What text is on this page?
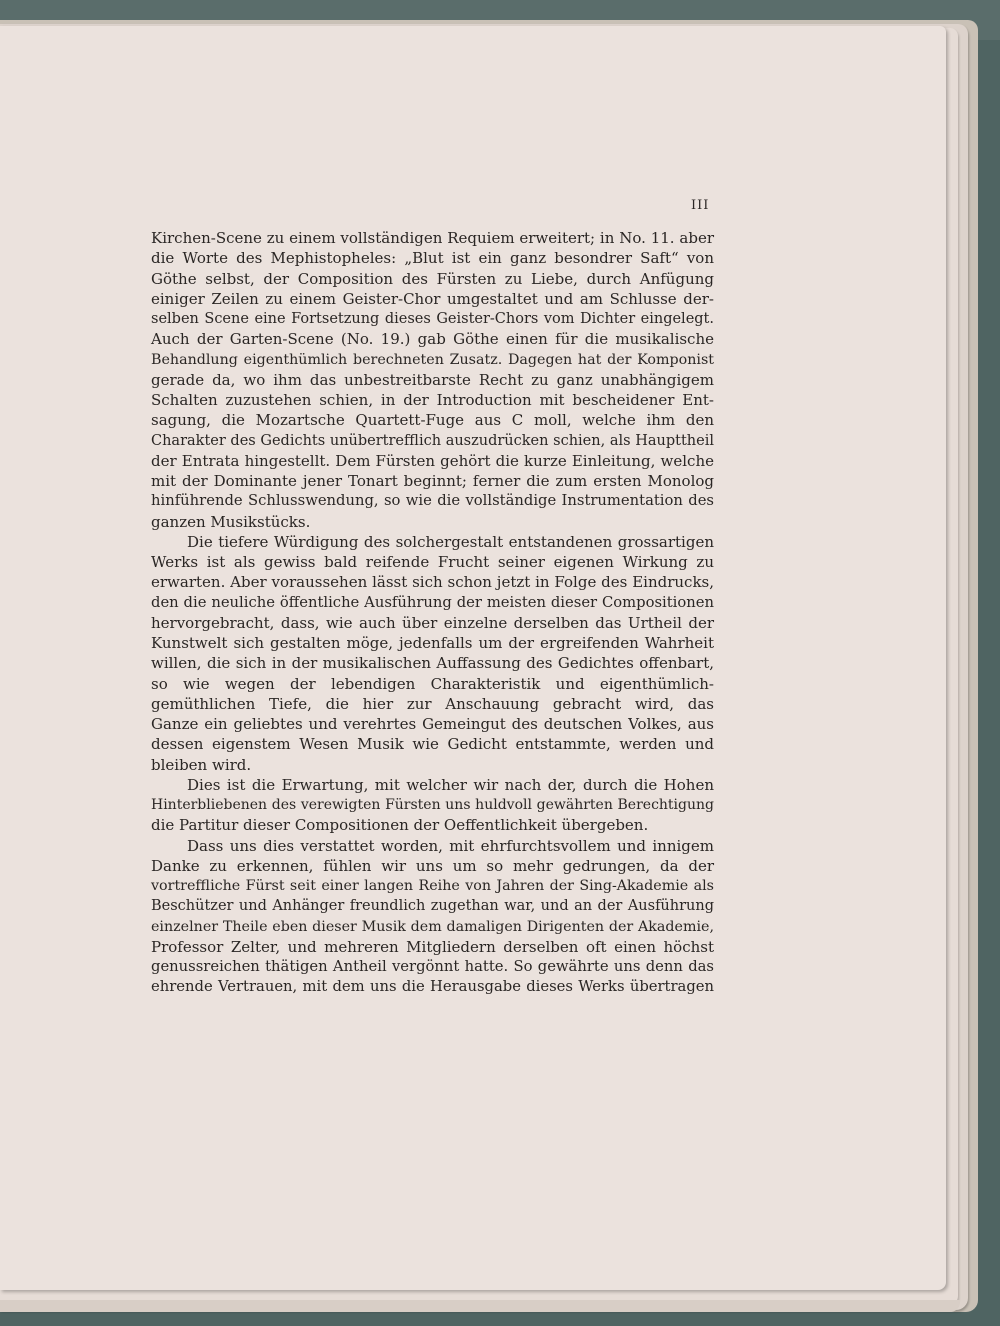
III
Kirchen-Scene zu einem vollständigen Requiem erweitert; in No. 11. aber
die Worte des Mephistopheles: „Blut ist ein ganz besondrer Saft“ von
Göthe selbst, der Composition des Fürsten zu Liebe, durch Anfügung
einiger Zeilen zu einem Geister-Chor umgestaltet und am Schlusse der-
selben Scene eine Fortsetzung dieses Geister-Chors vom Dichter eingelegt.
Auch der Garten-Scene (No. 19.) gab Göthe einen für die musikalische
Behandlung eigenthümlich berechneten Zusatz. Dagegen hat der Komponist
gerade da, wo ihm das unbestreitbarste Recht zu ganz unabhängigem
Schalten zuzustehen schien, in der Introduction mit bescheidener Ent-
sagung, die Mozartsche Quartett-Fuge aus C moll, welche ihm den
Charakter des Gedichts unübertrefflich auszudrücken schien, als Haupttheil
der Entrata hingestellt. Dem Fürsten gehört die kurze Einleitung, welche
mit der Dominante jener Tonart beginnt; ferner die zum ersten Monolog
hinführende Schlusswendung, so wie die vollständige Instrumentation des
ganzen Musikstücks.
Die tiefere Würdigung des solchergestalt entstandenen grossartigen
Werks ist als gewiss bald reifende Frucht seiner eigenen Wirkung zu
erwarten. Aber voraussehen lässt sich schon jetzt in Folge des Eindrucks,
den die neuliche öffentliche Ausführung der meisten dieser Compositionen
hervorgebracht, dass, wie auch über einzelne derselben das Urtheil der
Kunstwelt sich gestalten möge, jedenfalls um der ergreifenden Wahrheit
willen, die sich in der musikalischen Auffassung des Gedichtes offenbart,
so wie wegen der lebendigen Charakteristik und eigenthümlich-
gemüthlichen Tiefe, die hier zur Anschauung gebracht wird, das
Ganze ein geliebtes und verehrtes Gemeingut des deutschen Volkes, aus
dessen eigenstem Wesen Musik wie Gedicht entstammte, werden und
bleiben wird.
Dies ist die Erwartung, mit welcher wir nach der, durch die Hohen
Hinterbliebenen des verewigten Fürsten uns huldvoll gewährten Berechtigung
die Partitur dieser Compositionen der Oeffentlichkeit übergeben.
Dass uns dies verstattet worden, mit ehrfurchtsvollem und innigem
Danke zu erkennen, fühlen wir uns um so mehr gedrungen, da der
vortreffliche Fürst seit einer langen Reihe von Jahren der Sing-Akademie als
Beschützer und Anhänger freundlich zugethan war, und an der Ausführung
einzelner Theile eben dieser Musik dem damaligen Dirigenten der Akademie,
Professor Zelter, und mehreren Mitgliedern derselben oft einen höchst
genussreichen thätigen Antheil vergönnt hatte. So gewährte uns denn das
ehrende Vertrauen, mit dem uns die Herausgabe dieses Werks übertragen
